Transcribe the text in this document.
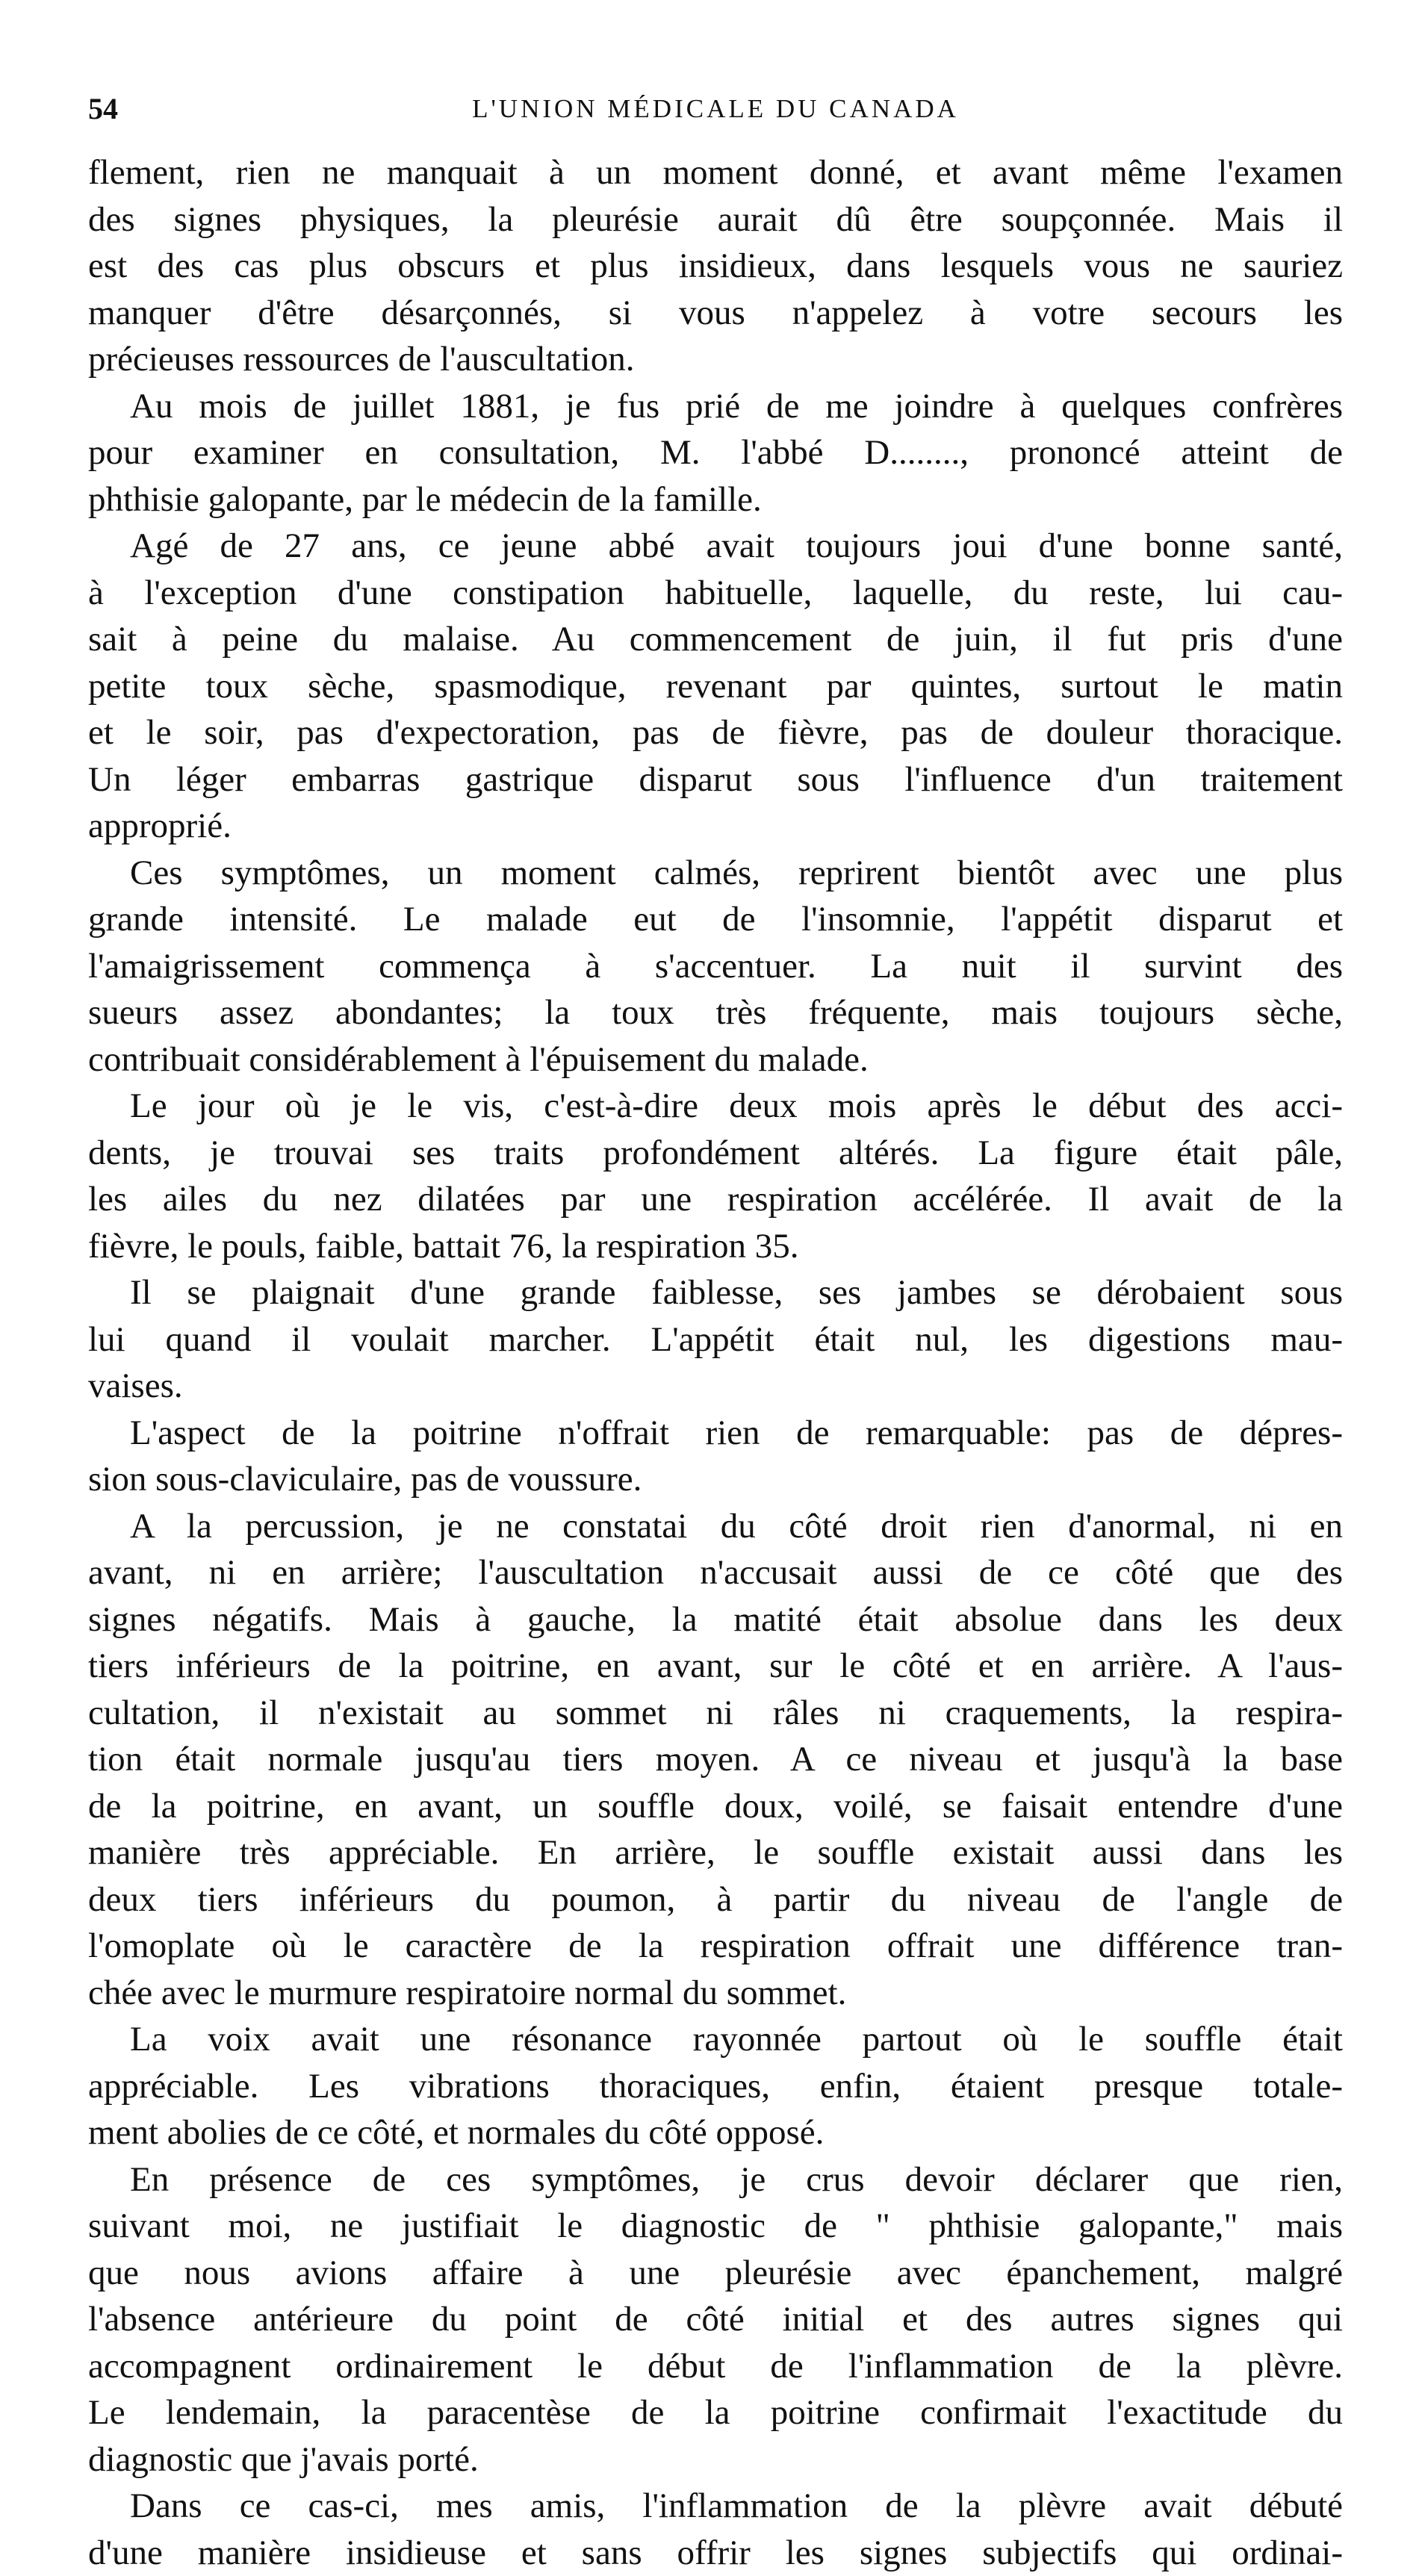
54	L'UNION MÉDICALE DU CANADA
flement, rien ne manquait à un moment donné, et avant même l'examen
des signes physiques, la pleurésie aurait dû être soupçonnée. Mais il
est des cas plus obscurs et plus insidieux, dans lesquels vous ne sauriez
manquer d'être désarçonnés, si vous n'appelez à votre secours les
précieuses ressources de l'auscultation.
Au mois de juillet 1881, je fus prié de me joindre à quelques confrères
pour examiner en consultation, M. l'abbé D........, prononcé atteint de
phthisie galopante, par le médecin de la famille.
Agé de 27 ans, ce jeune abbé avait toujours joui d'une bonne santé,
à l'exception d'une constipation habituelle, laquelle, du reste, lui cau-
sait à peine du malaise. Au commencement de juin, il fut pris d'une
petite toux sèche, spasmodique, revenant par quintes, surtout le matin
et le soir, pas d'expectoration, pas de fièvre, pas de douleur thoracique.
Un léger embarras gastrique disparut sous l'influence d'un traitement
approprié.
Ces symptômes, un moment calmés, reprirent bientôt avec une plus
grande intensité. Le malade eut de l'insomnie, l'appétit disparut et
l'amaigrissement commença à s'accentuer. La nuit il survint des
sueurs assez abondantes; la toux très fréquente, mais toujours sèche,
contribuait considérablement à l'épuisement du malade.
Le jour où je le vis, c'est-à-dire deux mois après le début des acci-
dents, je trouvai ses traits profondément altérés. La figure était pâle,
les ailes du nez dilatées par une respiration accélérée. Il avait de la
fièvre, le pouls, faible, battait 76, la respiration 35.
Il se plaignait d'une grande faiblesse, ses jambes se dérobaient sous
lui quand il voulait marcher. L'appétit était nul, les digestions mau-
vaises.
L'aspect de la poitrine n'offrait rien de remarquable: pas de dépres-
sion sous-claviculaire, pas de voussure.
A la percussion, je ne constatai du côté droit rien d'anormal, ni en
avant, ni en arrière; l'auscultation n'accusait aussi de ce côté que des
signes négatifs. Mais à gauche, la matité était absolue dans les deux
tiers inférieurs de la poitrine, en avant, sur le côté et en arrière. A l'aus-
cultation, il n'existait au sommet ni râles ni craquements, la respira-
tion était normale jusqu'au tiers moyen. A ce niveau et jusqu'à la base
de la poitrine, en avant, un souffle doux, voilé, se faisait entendre d'une
manière très appréciable. En arrière, le souffle existait aussi dans les
deux tiers inférieurs du poumon, à partir du niveau de l'angle de
l'omoplate où le caractère de la respiration offrait une différence tran-
chée avec le murmure respiratoire normal du sommet.
La voix avait une résonance rayonnée partout où le souffle était
appréciable. Les vibrations thoraciques, enfin, étaient presque totale-
ment abolies de ce côté, et normales du côté opposé.
En présence de ces symptômes, je crus devoir déclarer que rien,
suivant moi, ne justifiait le diagnostic de " phthisie galopante," mais
que nous avions affaire à une pleurésie avec épanchement, malgré
l'absence antérieure du point de côté initial et des autres signes qui
accompagnent ordinairement le début de l'inflammation de la plèvre.
Le lendemain, la paracentèse de la poitrine confirmait l'exactitude du
diagnostic que j'avais porté.
Dans ce cas-ci, mes amis, l'inflammation de la plèvre avait débuté
d'une manière insidieuse et sans offrir les signes subjectifs qui ordinai-
